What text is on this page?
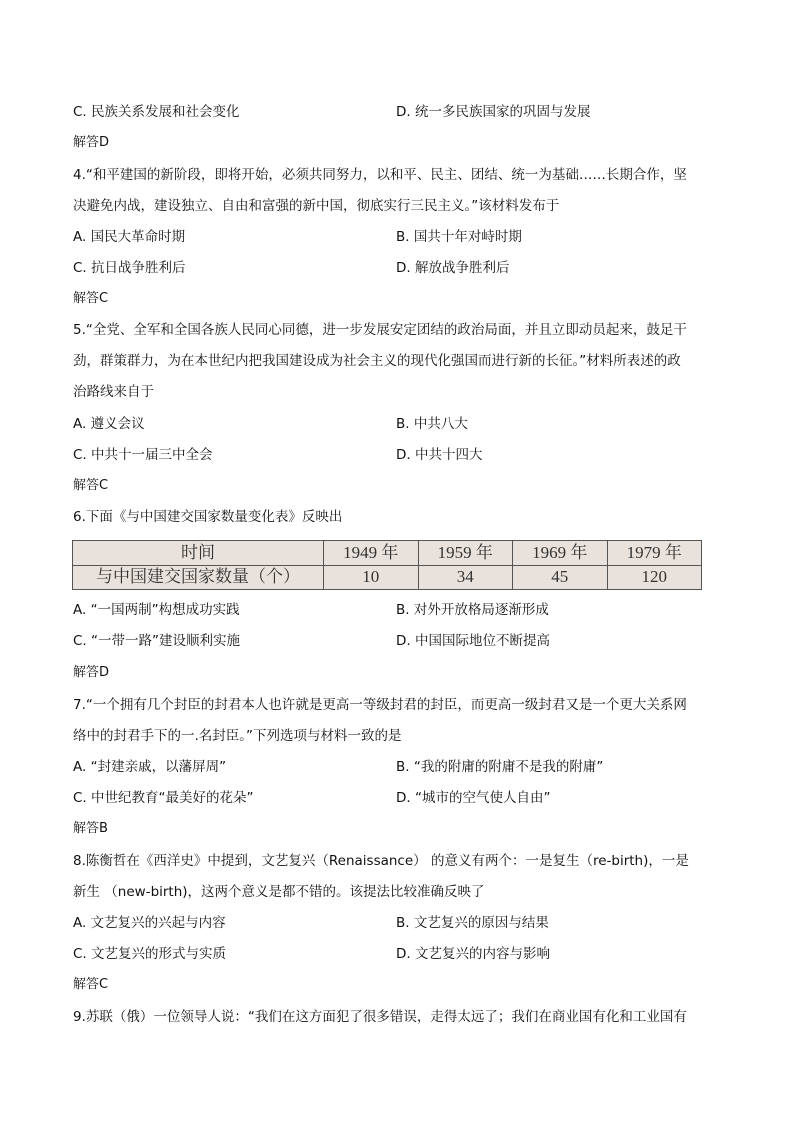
C. 民族关系发展和社会变化	D. 统一多民族国家的巩固与发展
解答D
4.“和平建国的新阶段，即将开始，必须共同努力，以和平、民主、团结、统一为基础……长期合作，坚
决避免内战，建设独立、自由和富强的新中国，彻底实行三民主义。”该材料发布于
A. 国民大革命时期	B. 国共十年对峙时期
C. 抗日战争胜利后	D. 解放战争胜利后
解答C
5.“全党、全军和全国各族人民同心同德，进一步发展安定团结的政治局面，并且立即动员起来，鼓足干
劲，群策群力，为在本世纪内把我国建设成为社会主义的现代化强国而进行新的长征。”材料所表述的政
治路线来自于
A. 遵义会议	B. 中共八大
C. 中共十一届三中全会	D. 中共十四大
解答C
6.下面《与中国建交国家数量变化表》反映出
时间	1949 年	1959 年	1969 年	1979 年
与中国建交国家数量（个）	10	34	45	120
A. “一国两制”构想成功实践	B. 对外开放格局逐渐形成
C. “一带一路”建设顺利实施	D. 中国国际地位不断提高
解答D
7.“一个拥有几个封臣的封君本人也许就是更高一等级封君的封臣，而更高一级封君又是一个更大关系网
络中的封君手下的一.名封臣。”下列选项与材料一致的是
A. “封建亲戚，以藩屏周”	B. “我的附庸的附庸不是我的附庸”
C. 中世纪教育“最美好的花朵”	D. “城市的空气使人自由”
解答B
8.陈衡哲在《西洋史》中提到，文艺复兴（Renaissance） 的意义有两个：一是复生（re-birth)，一是
新生 （new-birth)，这两个意义是都不错的。该提法比较准确反映了
A. 文艺复兴的兴起与内容	B. 文艺复兴的原因与结果
C. 文艺复兴的形式与实质	D. 文艺复兴的内容与影响
解答C
9.苏联（俄）一位领导人说：“我们在这方面犯了很多错误，走得太远了；我们在商业国有化和工业国有
